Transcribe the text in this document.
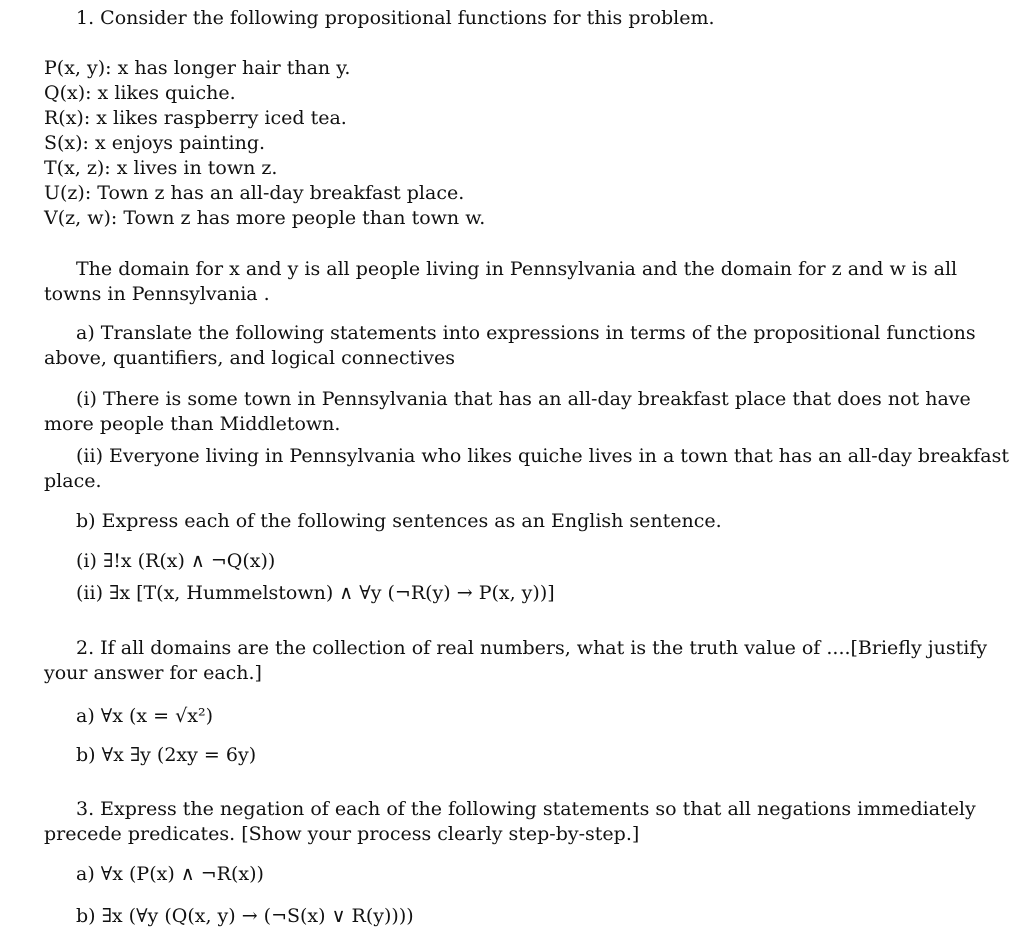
1. Consider the following propositional functions for this problem.
P(x, y): x has longer hair than y.
Q(x): x likes quiche.
R(x): x likes raspberry iced tea.
S(x): x enjoys painting.
T(x, z): x lives in town z.
U(z): Town z has an all-day breakfast place.
V(z, w): Town z has more people than town w.
The domain for x and y is all people living in Pennsylvania and the domain for z and w is all
towns in Pennsylvania .
a) Translate the following statements into expressions in terms of the propositional functions
above, quantifiers, and logical connectives
(i) There is some town in Pennsylvania that has an all-day breakfast place that does not have
more people than Middletown.
(ii) Everyone living in Pennsylvania who likes quiche lives in a town that has an all-day breakfast
place.
b) Express each of the following sentences as an English sentence.
(i) ∃!x (R(x) ∧ ¬Q(x))
(ii) ∃x [T(x, Hummelstown) ∧ ∀y (¬R(y) → P(x, y))]
2. If all domains are the collection of real numbers, what is the truth value of ....[Briefly justify
your answer for each.]
a) ∀x (x = √x²)
b) ∀x ∃y (2xy = 6y)
3. Express the negation of each of the following statements so that all negations immediately
precede predicates. [Show your process clearly step-by-step.]
a) ∀x (P(x) ∧ ¬R(x))
b) ∃x (∀y (Q(x, y) → (¬S(x) ∨ R(y))))
